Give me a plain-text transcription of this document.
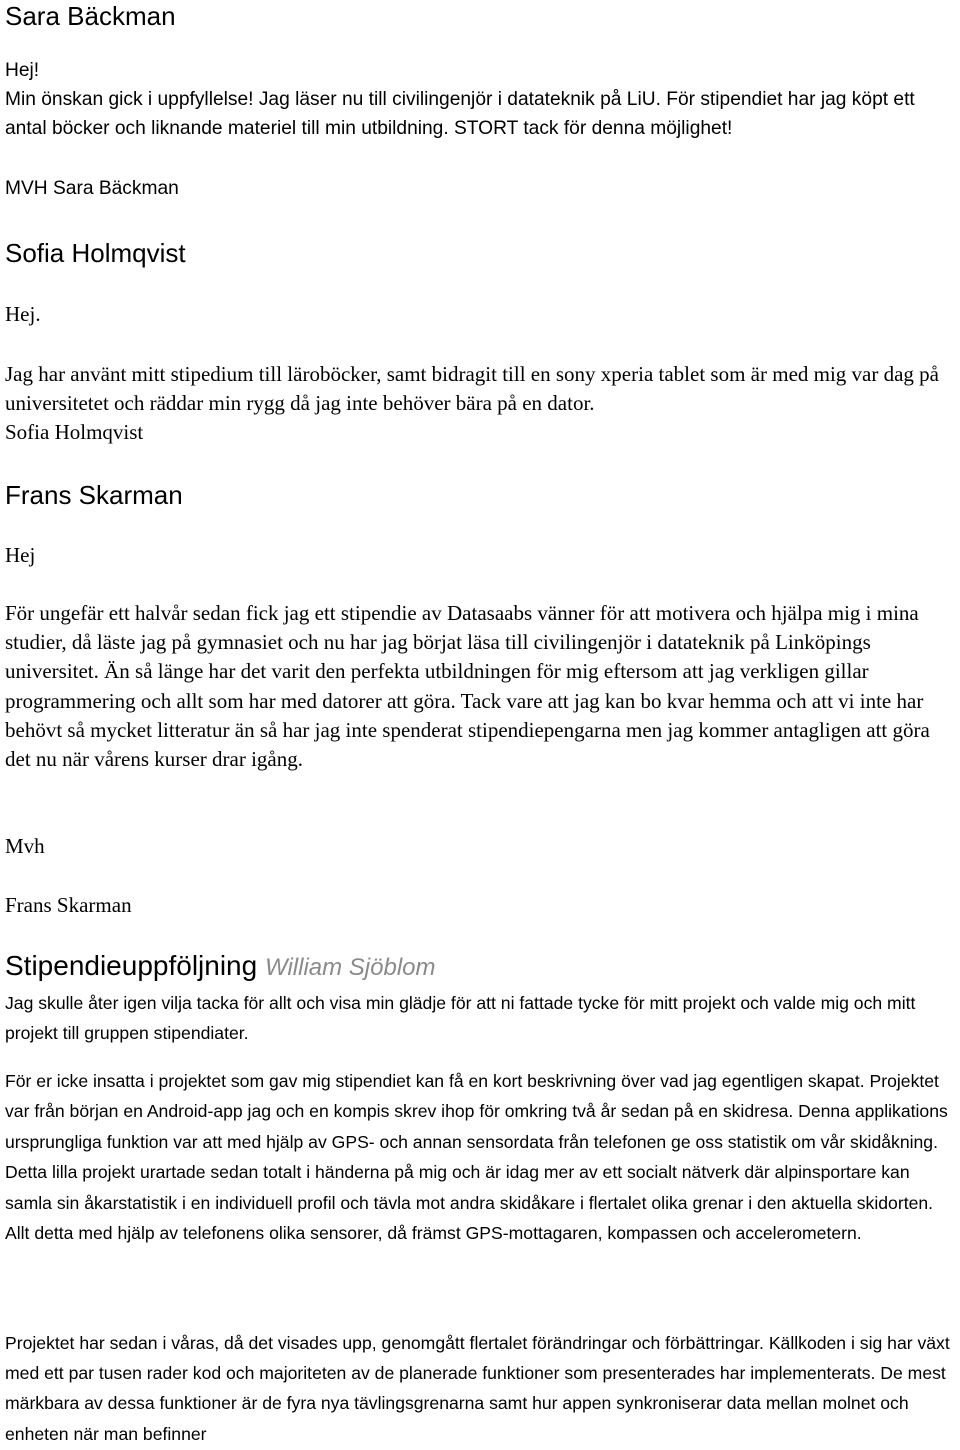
Sara Bäckman

Hej!

Min önskan gick i uppfyllelse! Jag läser nu till civilingenjör i datateknik på LiU. För stipendiet har jag köpt ett antal böcker och liknande materiel till min utbildning. STORT tack för denna möjlighet!

MVH Sara Bäckman
Sofia Holmqvist
Hej.

Jag har använt mitt stipedium till läroböcker, samt bidragit till en sony xperia tablet som är med mig var dag på universitetet och räddar min rygg då jag inte behöver bära på en dator.

Sofia Holmqvist

Frans Skarman
Hej

För ungefär ett halvår sedan fick jag ett stipendie av Datasaabs vänner för att motivera och hjälpa mig i mina studier, då läste jag på gymnasiet och nu har jag börjat läsa till civilingenjör i datateknik på Linköpings universitet. Än så länge har det varit den perfekta utbildningen för mig eftersom att jag verkligen gillar programmering och allt som har med datorer att göra. Tack vare att jag kan bo kvar hemma och att vi inte har behövt så mycket litteratur än så har jag inte spenderat stipendiepengarna men jag kommer antagligen att göra det nu när vårens kurser drar igång.

Mvh
Frans Skarman
Stipendieuppföljning William Sjöblom

Jag skulle åter igen vilja tacka för allt och visa min glädje för att ni fattade tycke för mitt projekt och valde mig och mitt projekt till gruppen stipendiater.

För er icke insatta i projektet som gav mig stipendiet kan få en kort beskrivning över vad jag egentligen skapat. Projektet var från början en Android-app jag och en kompis skrev ihop för omkring två år sedan på en skidresa. Denna applikations ursprungliga funktion var att med hjälp av GPS- och annan sensordata från telefonen ge oss statistik om vår skidåkning. Detta lilla projekt urartade sedan totalt i händerna på mig och är idag mer av ett socialt nätverk där alpinsportare kan samla sin åkarstatistik i en individuell profil och tävla mot andra skidåkare i flertalet olika grenar i den aktuella skidorten. Allt detta med hjälp av telefonens olika sensorer, då främst GPS-mottagaren, kompassen och accelerometern.

Projektet har sedan i våras, då det visades upp, genomgått flertalet förändringar och förbättringar. Källkoden i sig har växt med ett par tusen rader kod och majoriteten av de planerade funktioner som presenterades har implementerats. De mest märkbara av dessa funktioner är de fyra nya tävlingsgrenarna samt hur appen synkroniserar data mellan molnet och enheten när man befinner
